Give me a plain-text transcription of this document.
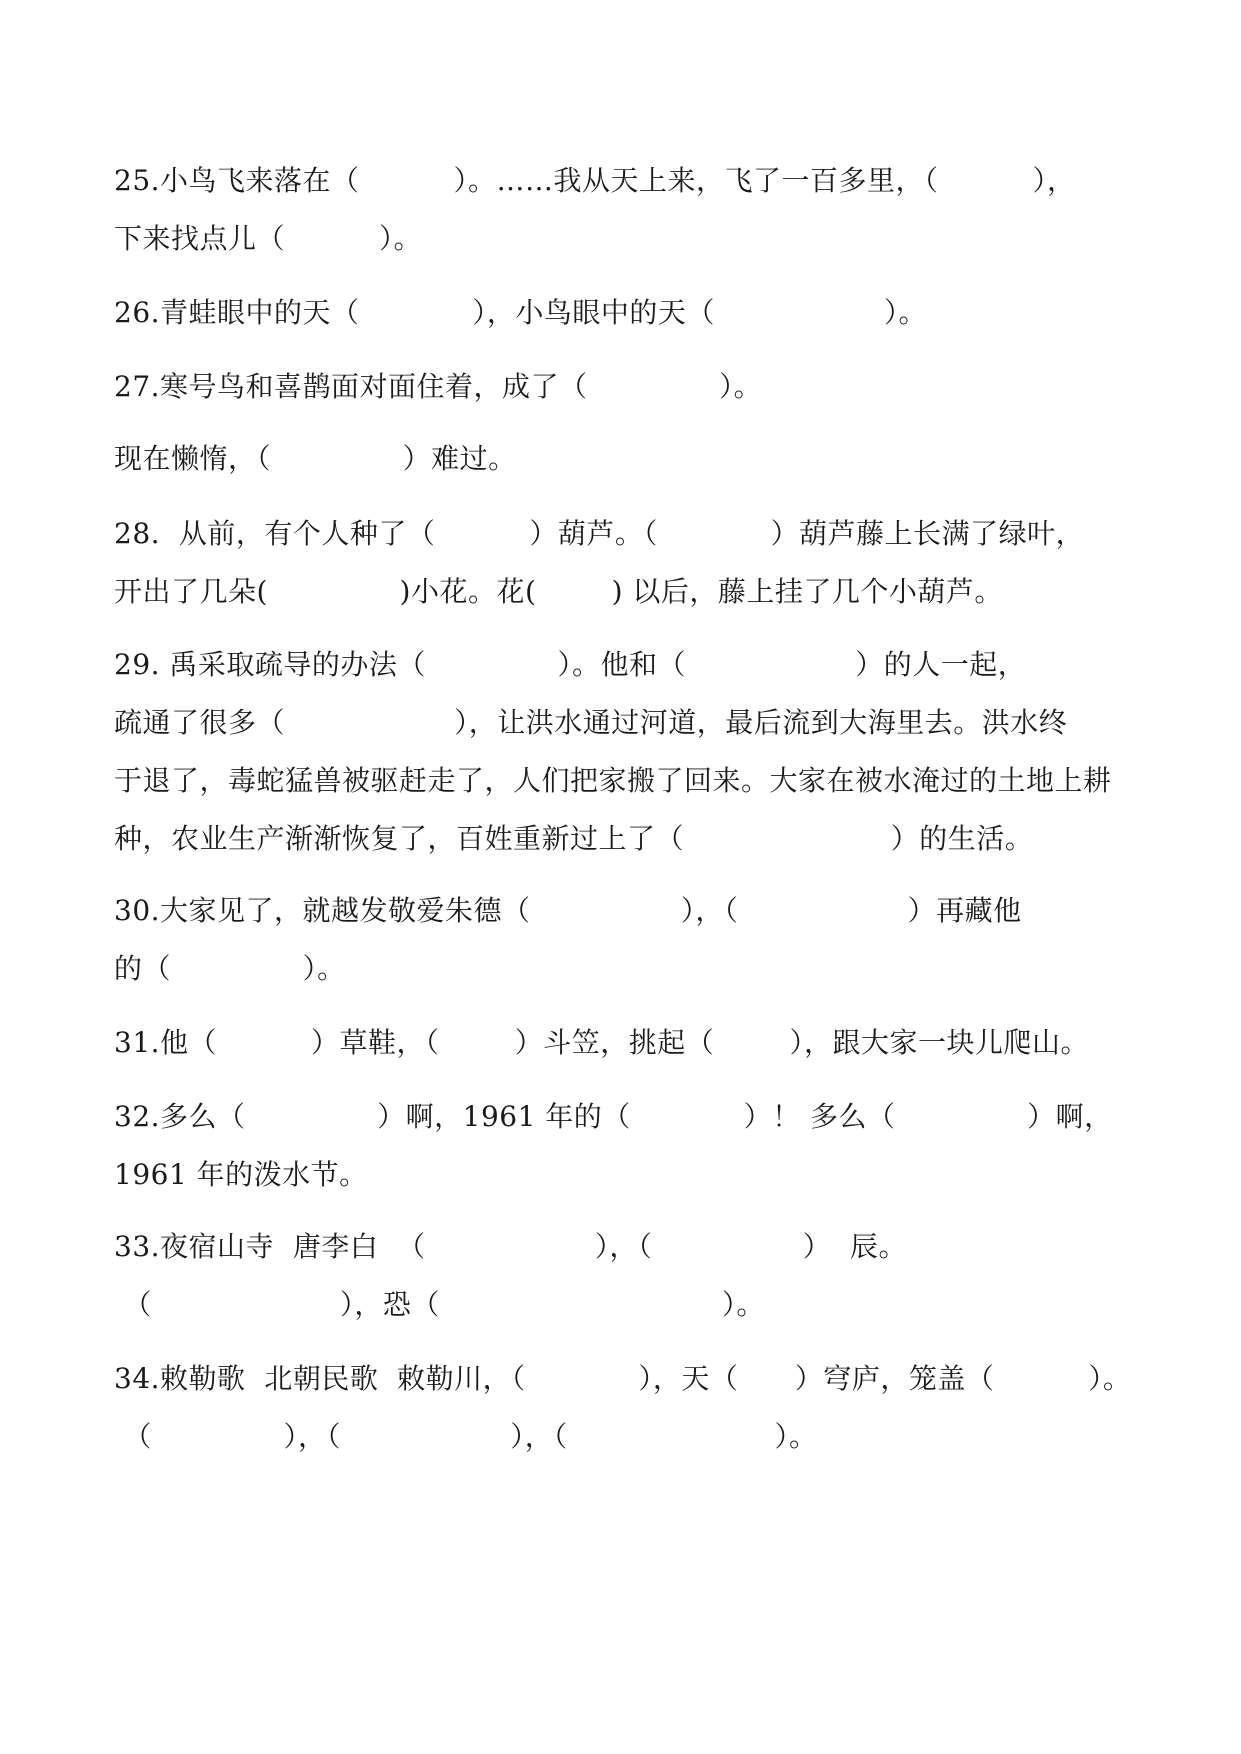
25.小鸟飞来落在（          ）。……我从天上来，飞了一百多里，（          ），
下来找点儿（          ）。
26.青蛙眼中的天（            ），小鸟眼中的天（                  ）。
27.寒号鸟和喜鹊面对面住着，成了（              ）。
现在懒惰，（              ）难过。
28.  从前，有个人种了（          ）葫芦。（            ）葫芦藤上长满了绿叶，
开出了几朵(              )小花。花(        ) 以后，藤上挂了几个小葫芦。
29. 禹采取疏导的办法（              ）。他和（                  ）的人一起，
疏通了很多（                  ），让洪水通过河道，最后流到大海里去。洪水终
于退了，毒蛇猛兽被驱赶走了，人们把家搬了回来。大家在被水淹过的土地上耕
种，农业生产渐渐恢复了，百姓重新过上了（                      ）的生活。
30.大家见了，就越发敬爱朱德（                ），（                  ）再藏他
的（              ）。
31.他（          ）草鞋，（        ）斗笠，挑起（        ），跟大家一块儿爬山。
32.多么（              ）啊，1961 年的（            ）！ 多么（              ）啊，
1961 年的泼水节。
33.夜宿山寺  唐李白  （                  ），（                ）  辰。
（                    ），恐（                              ）。
34.敕勒歌  北朝民歌  敕勒川，（            ），天（      ）穹庐，笼盖（          ）。
（              ），（                  ），（                      ）。
